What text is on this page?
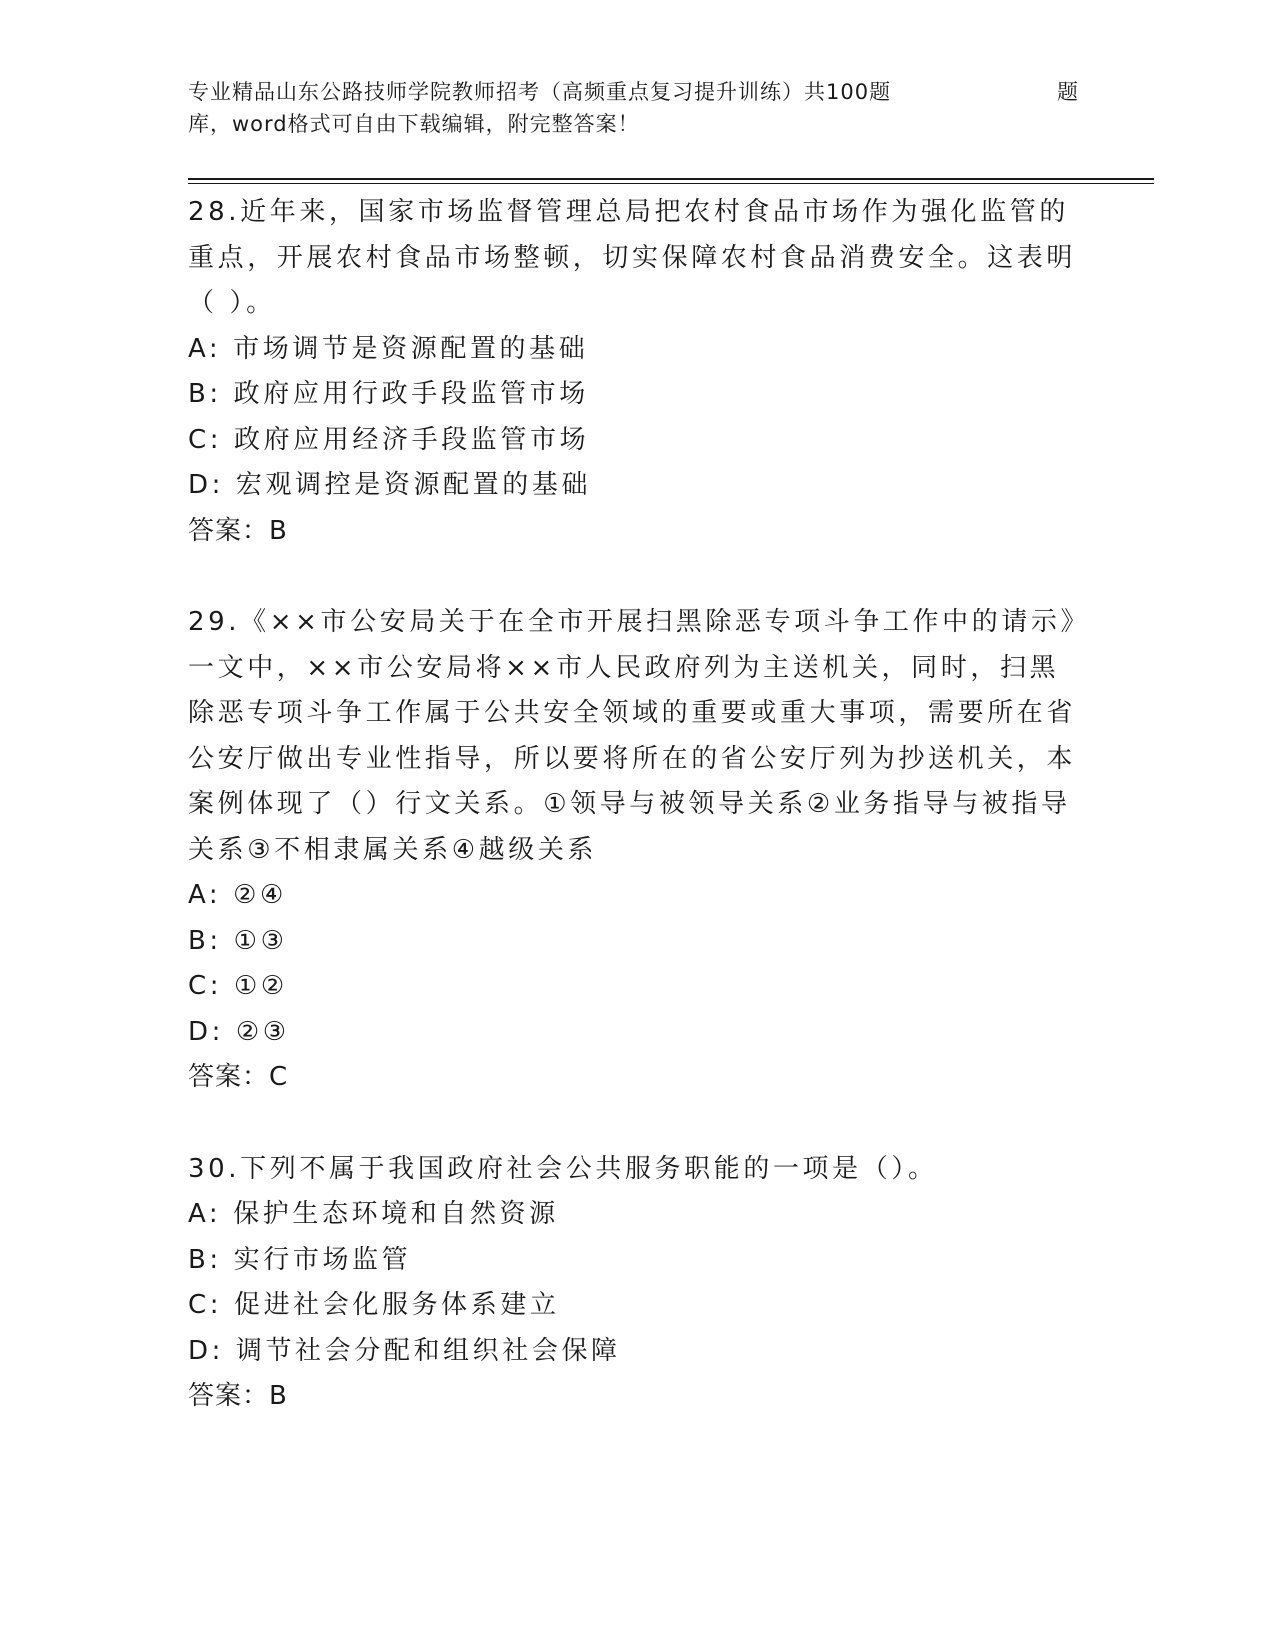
专业精品山东公路技师学院教师招考（高频重点复习提升训练）共100题
库，word格式可自由下载编辑，附完整答案！
题

28.近年来，国家市场监督管理总局把农村食品市场作为强化监管的重点，开展农村食品市场整顿，切实保障农村食品消费安全。这表明（ ）。

A: 市场调节是资源配置的基础

B: 政府应用行政手段监管市场

C: 政府应用经济手段监管市场

D: 宏观调控是资源配置的基础

答案：B

29.《××市公安局关于在全市开展扫黑除恶专项斗争工作中的请示》一文中，××市公安局将××市人民政府列为主送机关，同时，扫黑除恶专项斗争工作属于公共安全领域的重要或重大事项，需要所在省公安厅做出专业性指导，所以要将所在的省公安厅列为抄送机关，本案例体现了（）行文关系。①领导与被领导关系②业务指导与被指导关系③不相隶属关系④越级关系

A: ②④

B: ①③

C: ①②

D: ②③

答案：C

30.下列不属于我国政府社会公共服务职能的一项是（）。

A: 保护生态环境和自然资源

B: 实行市场监管

C: 促进社会化服务体系建立

D: 调节社会分配和组织社会保障

答案：B
